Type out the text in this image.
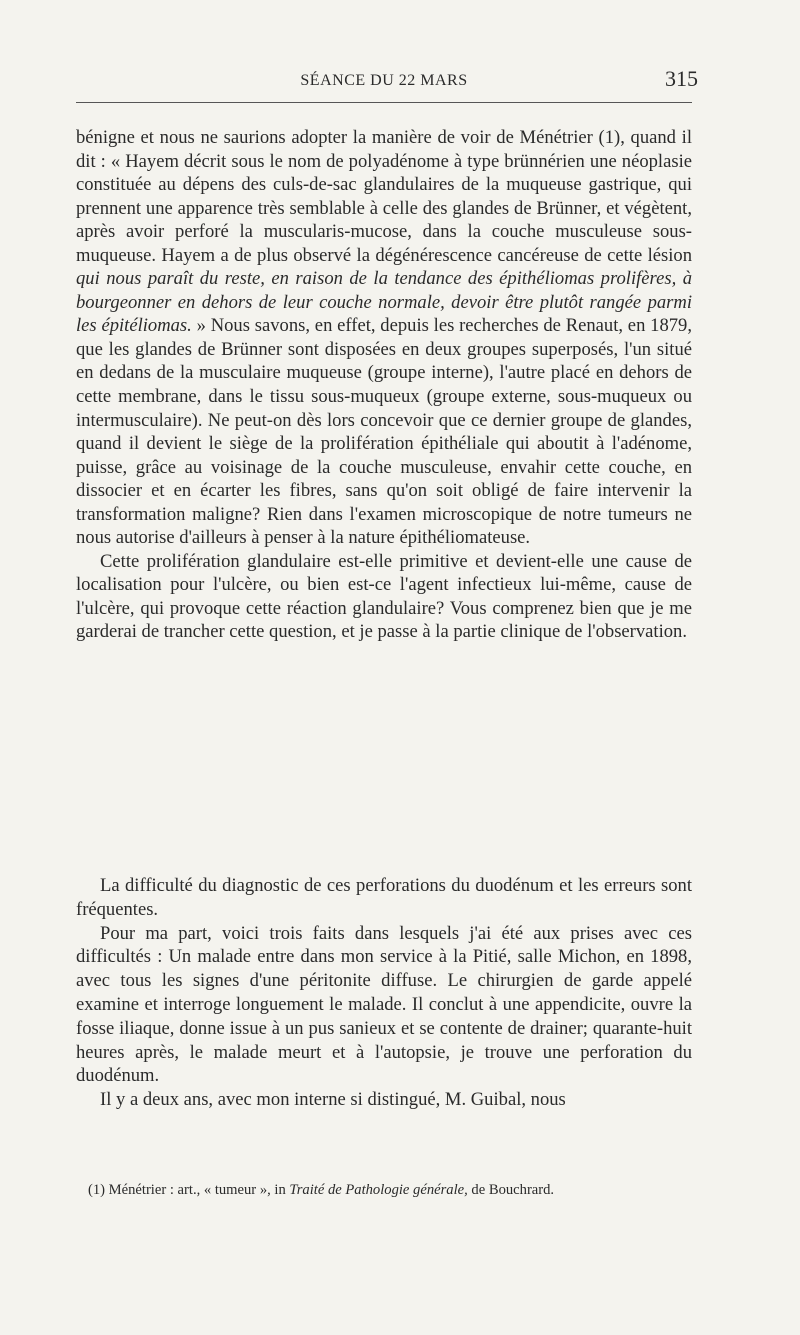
SÉANCE DU 22 MARS	315

bénigne et nous ne saurions adopter la manière de voir de Ménétrier (1), quand il dit : « Hayem décrit sous le nom de polyadénome à type brünnérien une néoplasie constituée au dépens des culs-de-sac glandulaires de la muqueuse gastrique, qui prennent une apparence très semblable à celle des glandes de Brünner, et végètent, après avoir perforé la muscularis-mucose, dans la couche musculeuse sous-muqueuse. Hayem a de plus observé la dégénérescence cancéreuse de cette lésion qui nous paraît du reste, en raison de la tendance des épithéliomas prolifères, à bourgeonner en dehors de leur couche normale, devoir être plutôt rangée parmi les épitéliomas. » Nous savons, en effet, depuis les recherches de Renaut, en 1879, que les glandes de Brünner sont disposées en deux groupes superposés, l'un situé en dedans de la musculaire muqueuse (groupe interne), l'autre placé en dehors de cette membrane, dans le tissu sous-muqueux (groupe externe, sous-muqueux ou intermusculaire). Ne peut-on dès lors concevoir que ce dernier groupe de glandes, quand il devient le siège de la prolifération épithéliale qui aboutit à l'adénome, puisse, grâce au voisinage de la couche musculeuse, envahir cette couche, en dissocier et en écarter les fibres, sans qu'on soit obligé de faire intervenir la transformation maligne? Rien dans l'examen microscopique de notre tumeurs ne nous autorise d'ailleurs à penser à la nature épithéliomateuse.

Cette prolifération glandulaire est-elle primitive et devient-elle une cause de localisation pour l'ulcère, ou bien est-ce l'agent infectieux lui-même, cause de l'ulcère, qui provoque cette réaction glandulaire? Vous comprenez bien que je me garderai de trancher cette question, et je passe à la partie clinique de l'observation.

La difficulté du diagnostic de ces perforations du duodénum et les erreurs sont fréquentes.

Pour ma part, voici trois faits dans lesquels j'ai été aux prises avec ces difficultés : Un malade entre dans mon service à la Pitié, salle Michon, en 1898, avec tous les signes d'une péritonite diffuse. Le chirurgien de garde appelé examine et interroge longuement le malade. Il conclut à une appendicite, ouvre la fosse iliaque, donne issue à un pus sanieux et se contente de drainer; quarante-huit heures après, le malade meurt et à l'autopsie, je trouve une perforation du duodénum.

Il y a deux ans, avec mon interne si distingué, M. Guibal, nous

(1) Ménétrier : art., « tumeur », in Traité de Pathologie générale, de Bouchrard.
